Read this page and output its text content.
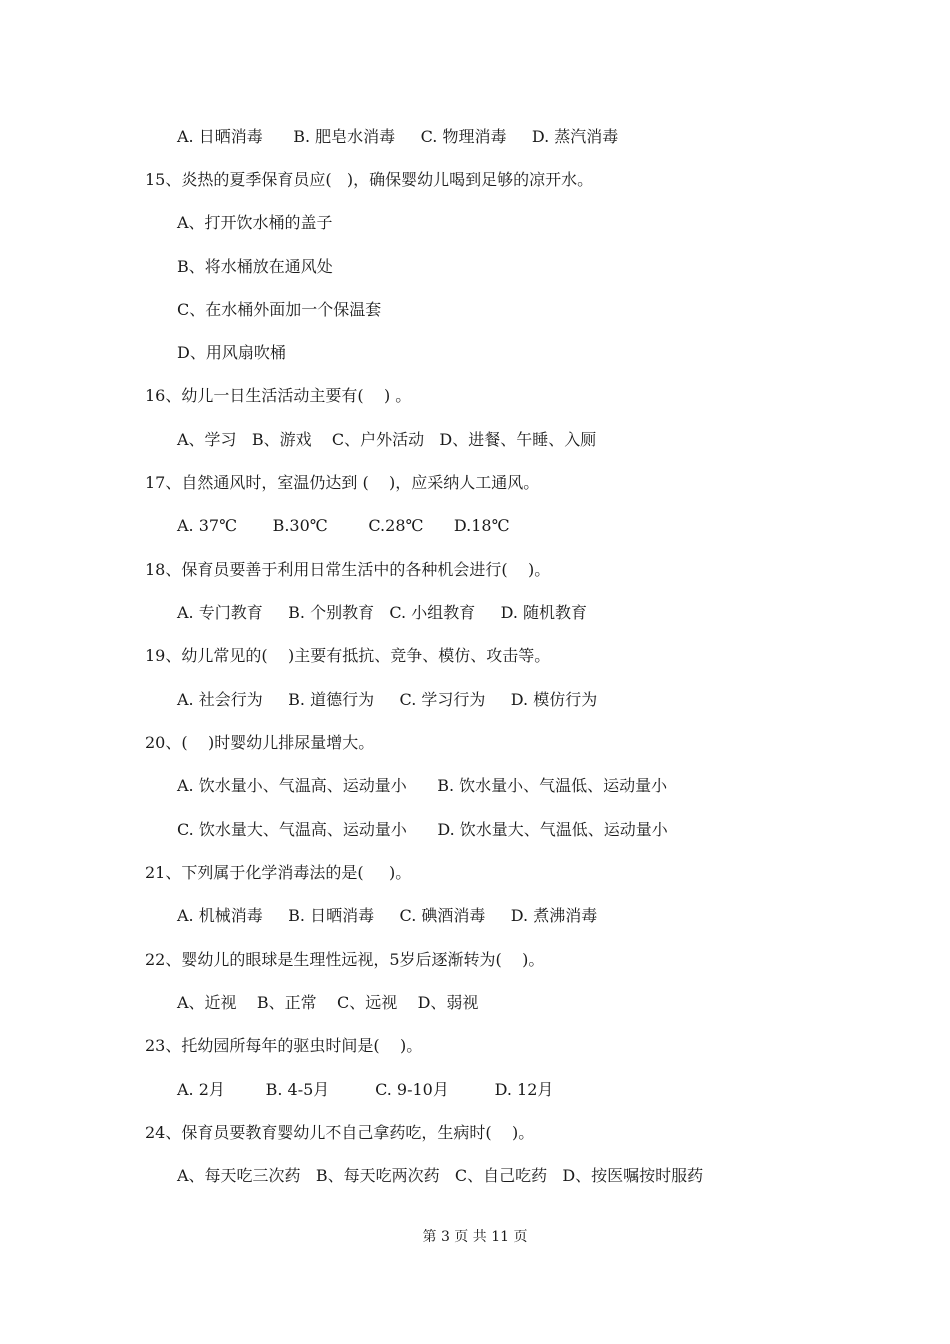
A. 日晒消毒      B. 肥皂水消毒     C. 物理消毒     D. 蒸汽消毒
15、炎热的夏季保育员应(   )，确保婴幼儿喝到足够的凉开水。
A、打开饮水桶的盖子
B、将水桶放在通风处
C、在水桶外面加一个保温套
D、用风扇吹桶
16、幼儿一日生活活动主要有(    ) 。
A、学习   B、游戏    C、户外活动   D、进餐、午睡、入厕
17、自然通风时，室温仍达到 (    )，应采纳人工通风。
A. 37℃       B.30℃        C.28℃      D.18℃
18、保育员要善于利用日常生活中的各种机会进行(    )。
A. 专门教育     B. 个别教育   C. 小组教育     D. 随机教育
19、幼儿常见的(    )主要有抵抗、竞争、模仿、攻击等。
A. 社会行为     B. 道德行为     C. 学习行为     D. 模仿行为
20、(    )时婴幼儿排尿量增大。
A. 饮水量小、气温高、运动量小      B. 饮水量小、气温低、运动量小
C. 饮水量大、气温高、运动量小      D. 饮水量大、气温低、运动量小
21、下列属于化学消毒法的是(     )。
A. 机械消毒     B. 日晒消毒     C. 碘酒消毒     D. 煮沸消毒
22、婴幼儿的眼球是生理性远视，5岁后逐渐转为(    )。
A、近视    B、正常    C、远视    D、弱视
23、托幼园所每年的驱虫时间是(    )。
A. 2月        B. 4-5月         C. 9-10月         D. 12月
24、保育员要教育婴幼儿不自己拿药吃，生病时(    )。
A、每天吃三次药   B、每天吃两次药   C、自己吃药   D、按医嘱按时服药
第 3 页 共 11 页
